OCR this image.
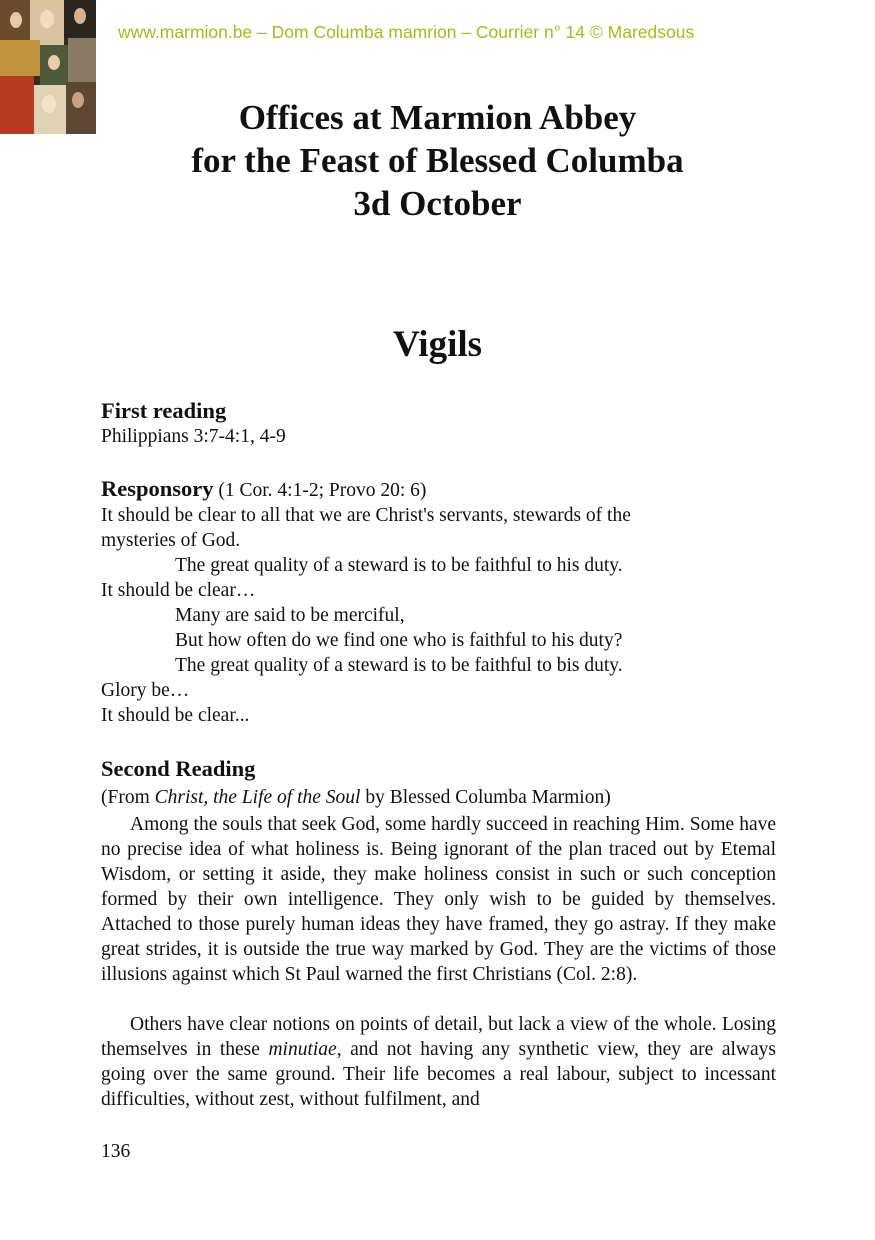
www.marmion.be – Dom Columba mamrion – Courrier n° 14 © Maredsous
Offices at Marmion Abbey
for the Feast of Blessed Columba
3d October
Vigils
First reading
Philippians 3:7-4:1, 4-9
Responsory (1 Cor. 4:1-2; Provo 20: 6)
It should be clear to all that we are Christ's servants, stewards of the
mysteries of God.
The great quality of a steward is to be faithful to his duty.
It should be clear…
Many are said to be merciful,
But how often do we find one who is faithful to his duty?
The great quality of a steward is to be faithful to bis duty.
Glory be…
It should be clear...
Second Reading
(From Christ, the Life of the Soul by Blessed Columba Marmion)
Among the souls that seek God, some hardly succeed in reaching Him. Some have no precise idea of what holiness is. Being ignorant of the plan traced out by Etemal Wisdom, or setting it aside, they make holiness consist in such or such conception formed by their own intelligence. They only wish to be guided by themselves. Attached to those purely human ideas they have framed, they go astray. If they make great strides, it is outside the true way marked by God. They are the victims of those illusions against which St Paul warned the first Christians (Col. 2:8).
Others have clear notions on points of detail, but lack a view of the whole. Losing themselves in these minutiae, and not having any synthetic view, they are always going over the same ground. Their life becomes a real labour, subject to incessant difficulties, without zest, without fulfilment, and
136
